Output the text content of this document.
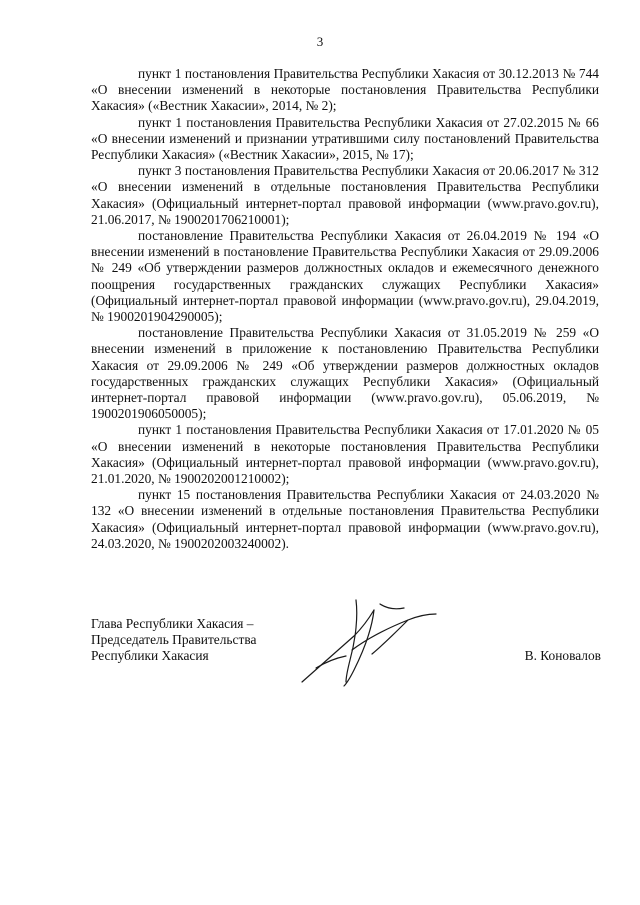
3

пункт 1 постановления Правительства Республики Хакасия от 30.12.2013 № 744 «О внесении изменений в некоторые постановления Правительства Республики Хакасия» («Вестник Хакасии», 2014, № 2);

пункт 1 постановления Правительства Республики Хакасия от 27.02.2015 № 66 «О внесении изменений и признании утратившими силу постановлений Правительства Республики Хакасия» («Вестник Хакасии», 2015, № 17);

пункт 3 постановления Правительства Республики Хакасия от 20.06.2017 № 312 «О внесении изменений в отдельные постановления Правительства Республики Хакасия» (Официальный интернет-портал правовой информации (www.pravo.gov.ru), 21.06.2017, № 1900201706210001);

постановление Правительства Республики Хакасия от 26.04.2019 № 194 «О внесении изменений в постановление Правительства Республики Хакасия от 29.09.2006 № 249 «Об утверждении размеров должностных окладов и ежемесячного денежного поощрения государственных гражданских служащих Республики Хакасия» (Официальный интернет-портал правовой информации (www.pravo.gov.ru), 29.04.2019, № 1900201904290005);

постановление Правительства Республики Хакасия от 31.05.2019 № 259 «О внесении изменений в приложение к постановлению Правительства Республики Хакасия от 29.09.2006 № 249 «Об утверждении размеров должностных окладов государственных гражданских служащих Республики Хакасия» (Официальный интернет-портал правовой информации (www.pravo.gov.ru), 05.06.2019, № 1900201906050005);

пункт 1 постановления Правительства Республики Хакасия от 17.01.2020 № 05 «О внесении изменений в некоторые постановления Правительства Республики Хакасия» (Официальный интернет-портал правовой информации (www.pravo.gov.ru), 21.01.2020, № 1900202001210002);

пункт 15 постановления Правительства Республики Хакасия от 24.03.2020 № 132 «О внесении изменений в отдельные постановления Правительства Республики Хакасия» (Официальный интернет-портал правовой информации (www.pravo.gov.ru), 24.03.2020, № 1900202003240002).

Глава Республики Хакасия –
Председатель Правительства
Республики Хакасия	В. Коновалов
